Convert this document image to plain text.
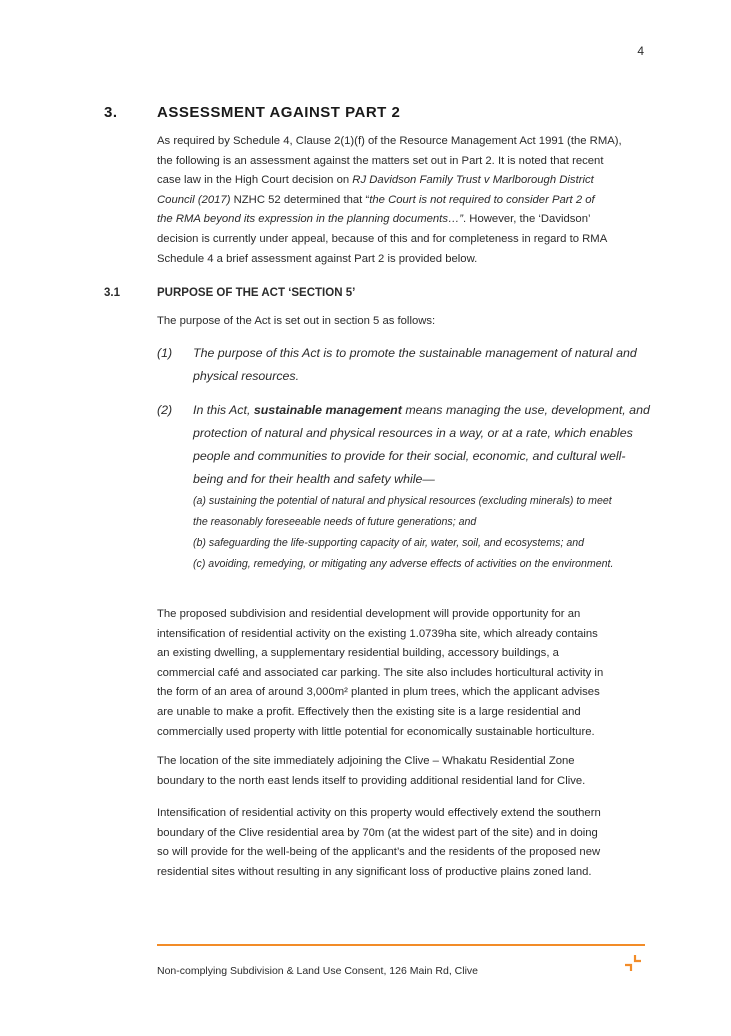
4
3.	ASSESSMENT AGAINST PART 2
As required by Schedule 4, Clause 2(1)(f) of the Resource Management Act 1991 (the RMA),
the following is an assessment against the matters set out in Part 2. It is noted that recent
case law in the High Court decision on RJ Davidson Family Trust v Marlborough District
Council (2017) NZHC 52 determined that “the Court is not required to consider Part 2 of
the RMA beyond its expression in the planning documents…”. However, the ‘Davidson’
decision is currently under appeal, because of this and for completeness in regard to RMA
Schedule 4 a brief assessment against Part 2 is provided below.
3.1	PURPOSE OF THE ACT ‘SECTION 5’
The purpose of the Act is set out in section 5 as follows:
(1) The purpose of this Act is to promote the sustainable management of natural and
physical resources.
(2) In this Act, sustainable management means managing the use, development, and
protection of natural and physical resources in a way, or at a rate, which enables
people and communities to provide for their social, economic, and cultural well-
being and for their health and safety while—
(a) sustaining the potential of natural and physical resources (excluding minerals) to meet
the reasonably foreseeable needs of future generations; and
(b) safeguarding the life-supporting capacity of air, water, soil, and ecosystems; and
(c) avoiding, remedying, or mitigating any adverse effects of activities on the environment.
The proposed subdivision and residential development will provide opportunity for an
intensification of residential activity on the existing 1.0739ha site, which already contains
an existing dwelling, a supplementary residential building, accessory buildings, a
commercial café and associated car parking. The site also includes horticultural activity in
the form of an area of around 3,000m² planted in plum trees, which the applicant advises
are unable to make a profit. Effectively then the existing site is a large residential and
commercially used property with little potential for economically sustainable horticulture.
The location of the site immediately adjoining the Clive – Whakatu Residential Zone
boundary to the north east lends itself to providing additional residential land for Clive.
Intensification of residential activity on this property would effectively extend the southern
boundary of the Clive residential area by 70m (at the widest part of the site) and in doing
so will provide for the well-being of the applicant’s and the residents of the proposed new
residential sites without resulting in any significant loss of productive plains zoned land.
Non-complying Subdivision & Land Use Consent, 126 Main Rd, Clive
